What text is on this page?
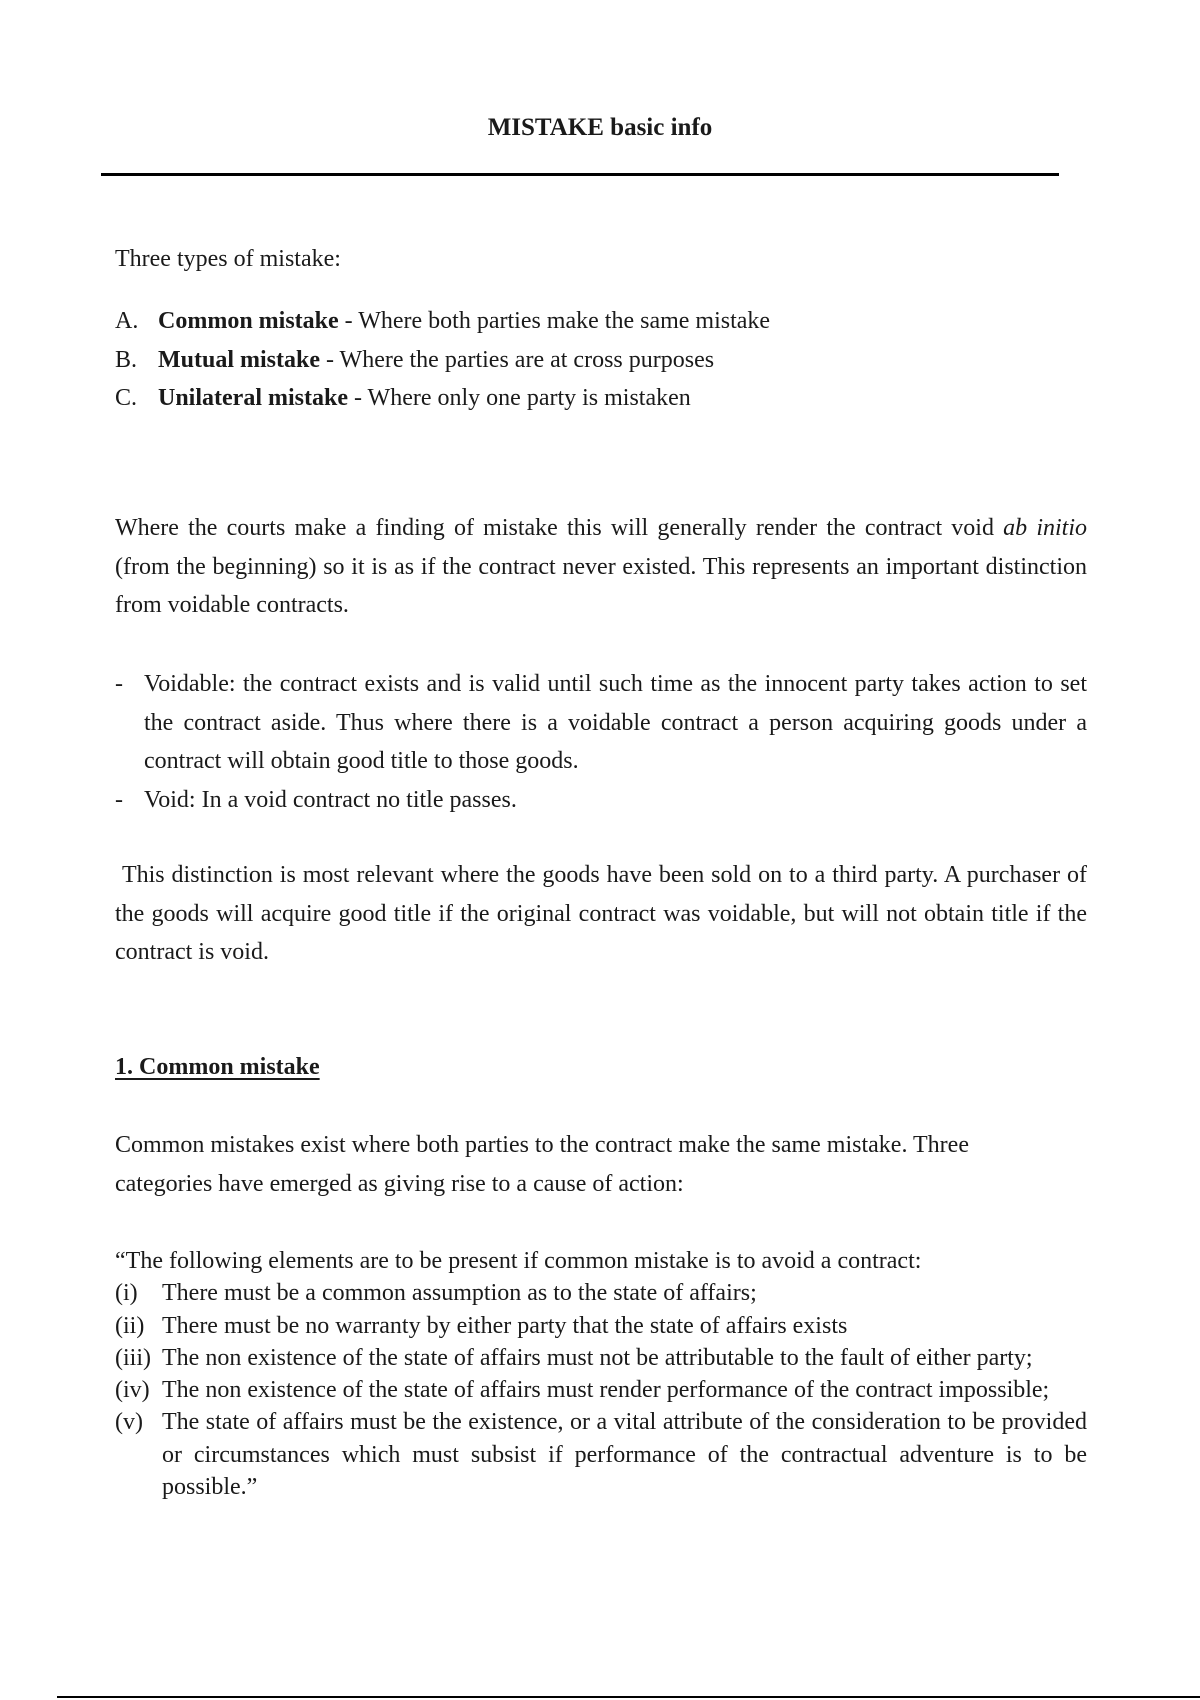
MISTAKE basic info
Three types of mistake:
A. Common mistake - Where both parties make the same mistake
B. Mutual mistake - Where the parties are at cross purposes
C. Unilateral mistake - Where only one party is mistaken
Where the courts make a finding of mistake this will generally render the contract void ab initio (from the beginning) so it is as if the contract never existed. This represents an important distinction from voidable contracts.
- Voidable: the contract exists and is valid until such time as the innocent party takes action to set the contract aside. Thus where there is a voidable contract a person acquiring goods under a contract will obtain good title to those goods.
- Void: In a void contract no title passes.
This distinction is most relevant where the goods have been sold on to a third party. A purchaser of the goods will acquire good title if the original contract was voidable, but will not obtain title if the contract is void.
1. Common mistake
Common mistakes exist where both parties to the contract make the same mistake. Three categories have emerged as giving rise to a cause of action:
“The following elements are to be present if common mistake is to avoid a contract:
(i) There must be a common assumption as to the state of affairs;
(ii) There must be no warranty by either party that the state of affairs exists
(iii) The non existence of the state of affairs must not be attributable to the fault of either party;
(iv) The non existence of the state of affairs must render performance of the contract impossible;
(v) The state of affairs must be the existence, or a vital attribute of the consideration to be provided or circumstances which must subsist if performance of the contractual adventure is to be possible.”
